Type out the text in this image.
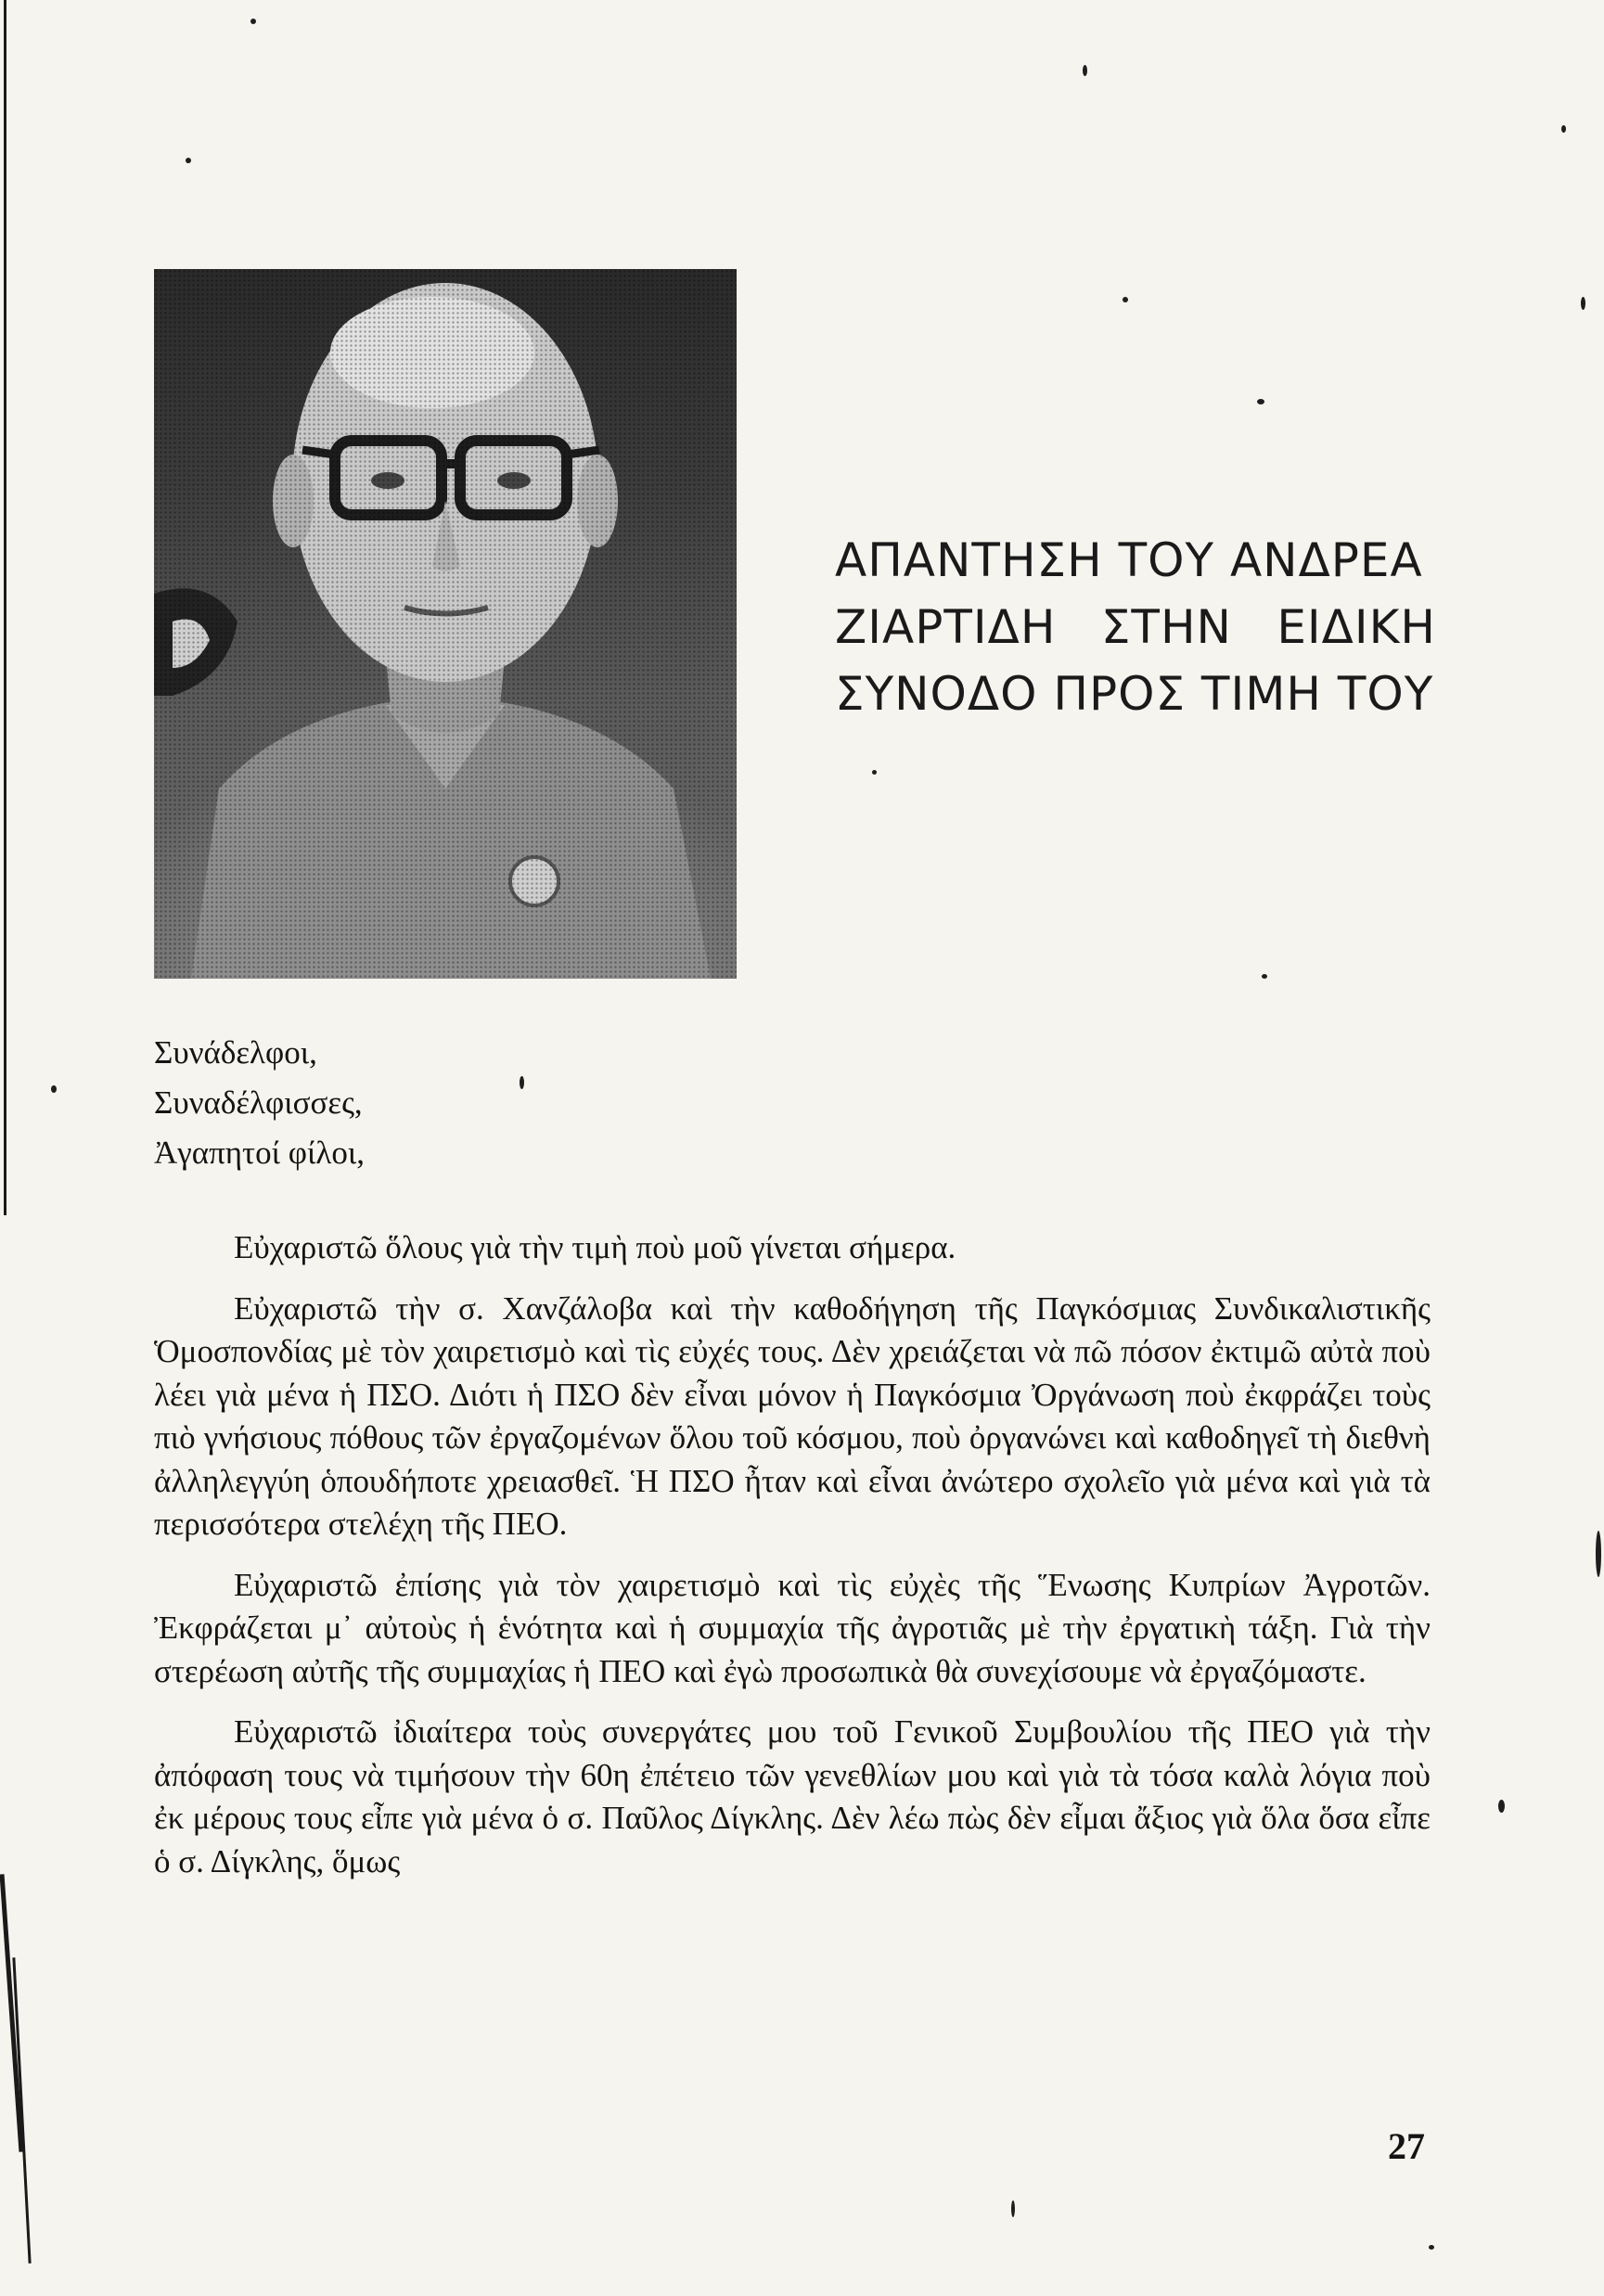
ΑΠΑΝΤΗΣΗ ΤΟΥ ΑΝΔΡΕΑ
ΖΙΑΡΤΙΔΗ ΣΤΗΝ ΕΙΔΙΚΗ
ΣΥΝΟΔΟ ΠΡΟΣ ΤΙΜΗ ΤΟΥ
Συνάδελφοι,
Συναδέλφισσες,
Ἀγαπητοί φίλοι,

Εὐχαριστῶ ὅλους γιὰ τὴν τιμὴ ποὺ μοῦ γίνεται σήμερα.

Εὐχαριστῶ τὴν σ. Χανζάλοβα καὶ τὴν καθοδήγηση τῆς Παγκόσμιας Συνδικαλιστικῆς Ὁμοσπονδίας μὲ τὸν χαιρετισμὸ καὶ τὶς εὐχές τους. Δὲν χρειάζεται νὰ πῶ πόσον ἐκτιμῶ αὐτὰ ποὺ λέει γιὰ μένα ἡ ΠΣΟ. Διότι ἡ ΠΣΟ δὲν εἶναι μόνον ἡ Παγκόσμια Ὀργάνωση ποὺ ἐκφράζει τοὺς πιὸ γνήσιους πόθους τῶν ἐργαζομένων ὅλου τοῦ κόσμου, ποὺ ὀργανώνει καὶ καθοδηγεῖ τὴ διεθνὴ ἀλληλεγγύη ὁπουδήποτε χρειασθεῖ. Ἡ ΠΣΟ ἦταν καὶ εἶναι ἀνώτερο σχολεῖο γιὰ μένα καὶ γιὰ τὰ περισσότερα στελέχη τῆς ΠΕΟ.

Εὐχαριστῶ ἐπίσης γιὰ τὸν χαιρετισμὸ καὶ τὶς εὐχὲς τῆς Ἕνωσης Κυπρίων Ἀγροτῶν. Ἐκφράζεται μ᾽ αὐτοὺς ἡ ἑνότητα καὶ ἡ συμμαχία τῆς ἀγροτιᾶς μὲ τὴν ἐργατικὴ τάξη. Γιὰ τὴν στερέωση αὐτῆς τῆς συμμαχίας ἡ ΠΕΟ καὶ ἐγὼ προσωπικὰ θὰ συνεχίσουμε νὰ ἐργαζόμαστε.

Εὐχαριστῶ ἰδιαίτερα τοὺς συνεργάτες μου τοῦ Γενικοῦ Συμβουλίου τῆς ΠΕΟ γιὰ τὴν ἀπόφαση τους νὰ τιμήσουν τὴν 60η ἐπέτειο τῶν γενεθλίων μου καὶ γιὰ τὰ τόσα καλὰ λόγια ποὺ ἐκ μέρους τους εἶπε γιὰ μένα ὁ σ. Παῦλος Δίγκλης. Δὲν λέω πὼς δὲν εἶμαι ἄξιος γιὰ ὅλα ὅσα εἶπε ὁ σ. Δίγκλης, ὅμως

27
